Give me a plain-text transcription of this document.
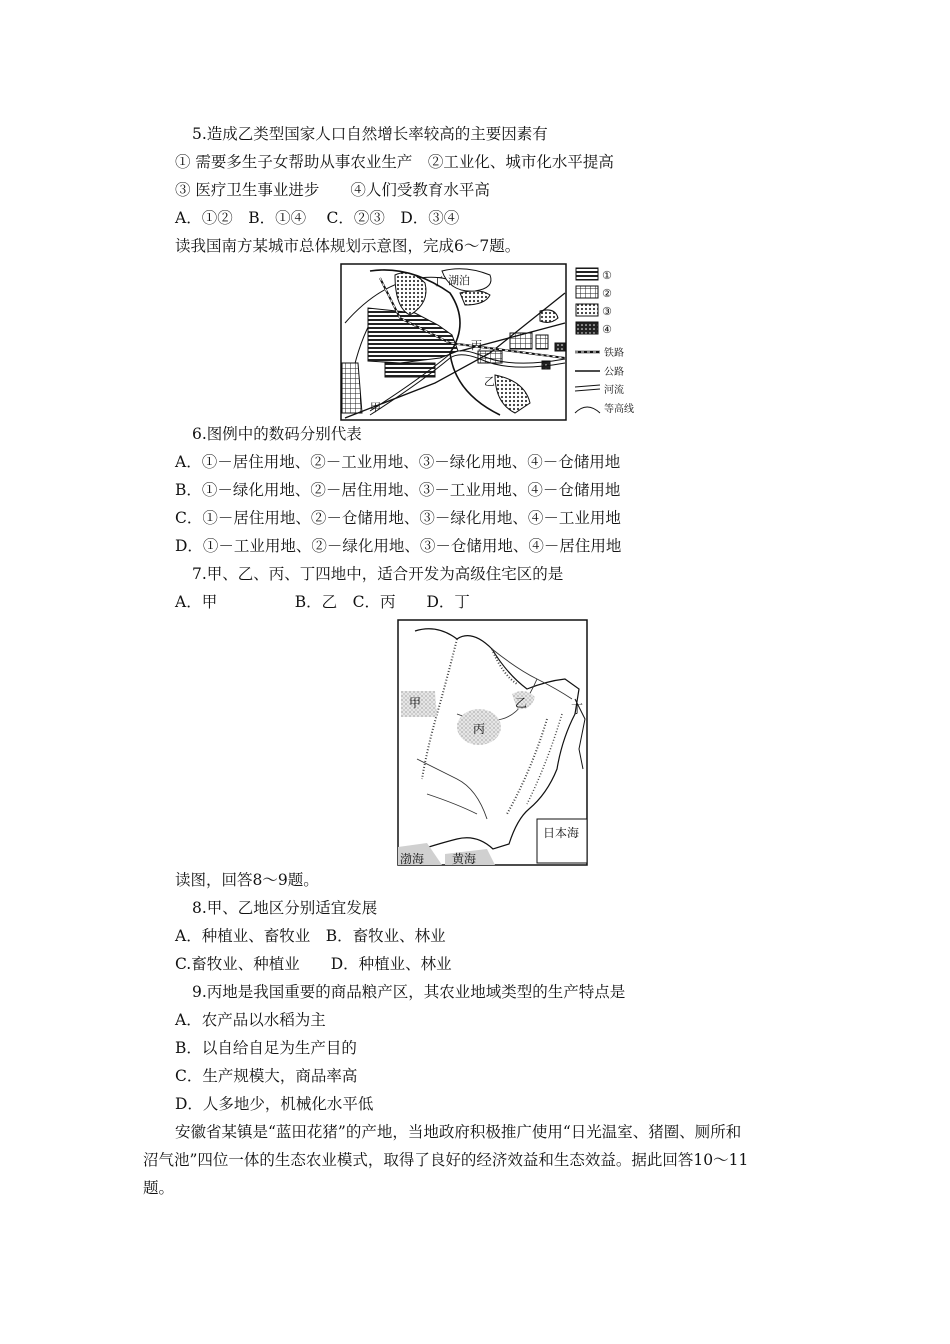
5.造成乙类型国家人口自然增长率较高的主要因素有
① 需要多生子女帮助从事农业生产　②工业化、城市化水平提高
③ 医疗卫生事业进步　　④人们受教育水平高
A．①②　B．①④　 C．②③　D．③④
读我国南方某城市总体规划示意图，完成6～7题。
湖泊
丁
丙
乙
甲
①
②
③
④
铁路
公路
河流
等高线
6.图例中的数码分别代表
A．①－居住用地、②－工业用地、③－绿化用地、④－仓储用地
B．①－绿化用地、②－居住用地、③－工业用地、④－仓储用地
C．①－居住用地、②－仓储用地、③－绿化用地、④－工业用地
D．①－工业用地、②－绿化用地、③－仓储用地、④－居住用地
7.甲、乙、丙、丁四地中，适合开发为高级住宅区的是
A．甲　　　　　B．乙　C．丙　　D．丁
甲	乙
丙
丁
日本海
渤海 黄海
读图，回答8～9题。
8.甲、乙地区分别适宜发展
A．种植业、畜牧业　B．畜牧业、林业
C.畜牧业、种植业　　D．种植业、林业
9.丙地是我国重要的商品粮产区，其农业地域类型的生产特点是
A．农产品以水稻为主
B．以自给自足为生产目的
C．生产规模大，商品率高
D．人多地少，机械化水平低
安徽省某镇是“蓝田花猪”的产地，当地政府积极推广使用“日光温室、猪圈、厕所和
沼气池”四位一体的生态农业模式，取得了良好的经济效益和生态效益。据此回答10～11
题。
